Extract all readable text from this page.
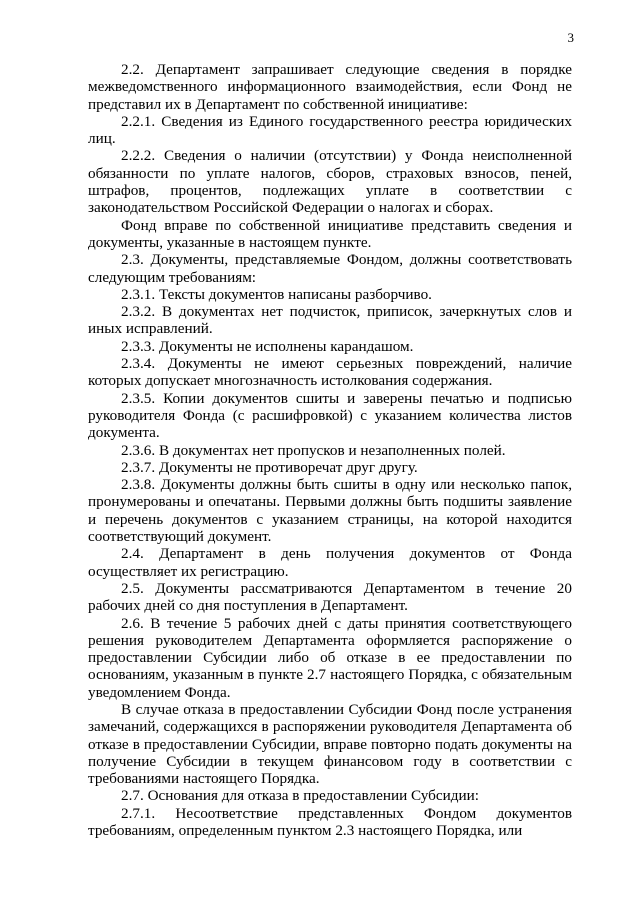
3

2.2. Департамент запрашивает следующие сведения в порядке межведомственного информационного взаимодействия, если Фонд не представил их в Департамент по собственной инициативе:

2.2.1. Сведения из Единого государственного реестра юридических лиц.

2.2.2. Сведения о наличии (отсутствии) у Фонда неисполненной обязанности по уплате налогов, сборов, страховых взносов, пеней, штрафов, процентов, подлежащих уплате в соответствии с законодательством Российской Федерации о налогах и сборах.

Фонд вправе по собственной инициативе представить сведения и документы, указанные в настоящем пункте.

2.3. Документы, представляемые Фондом, должны соответствовать следующим требованиям:

2.3.1. Тексты документов написаны разборчиво.

2.3.2. В документах нет подчисток, приписок, зачеркнутых слов и иных исправлений.

2.3.3. Документы не исполнены карандашом.

2.3.4. Документы не имеют серьезных повреждений, наличие которых допускает многозначность истолкования содержания.

2.3.5. Копии документов сшиты и заверены печатью и подписью руководителя Фонда (с расшифровкой) с указанием количества листов документа.

2.3.6. В документах нет пропусков и незаполненных полей.

2.3.7. Документы не противоречат друг другу.

2.3.8. Документы должны быть сшиты в одну или несколько папок, пронумерованы и опечатаны. Первыми должны быть подшиты заявление и перечень документов с указанием страницы, на которой находится соответствующий документ.

2.4. Департамент в день получения документов от Фонда осуществляет их регистрацию.

2.5. Документы рассматриваются Департаментом в течение 20 рабочих дней со дня поступления в Департамент.

2.6. В течение 5 рабочих дней с даты принятия соответствующего решения руководителем Департамента оформляется распоряжение о предоставлении Субсидии либо об отказе в ее предоставлении по основаниям, указанным в пункте 2.7 настоящего Порядка, с обязательным уведомлением Фонда.

В случае отказа в предоставлении Субсидии Фонд после устранения замечаний, содержащихся в распоряжении руководителя Департамента об отказе в предоставлении Субсидии, вправе повторно подать документы на получение Субсидии в текущем финансовом году в соответствии с требованиями настоящего Порядка.

2.7. Основания для отказа в предоставлении Субсидии:

2.7.1. Несоответствие представленных Фондом документов требованиям, определенным пунктом 2.3 настоящего Порядка, или
